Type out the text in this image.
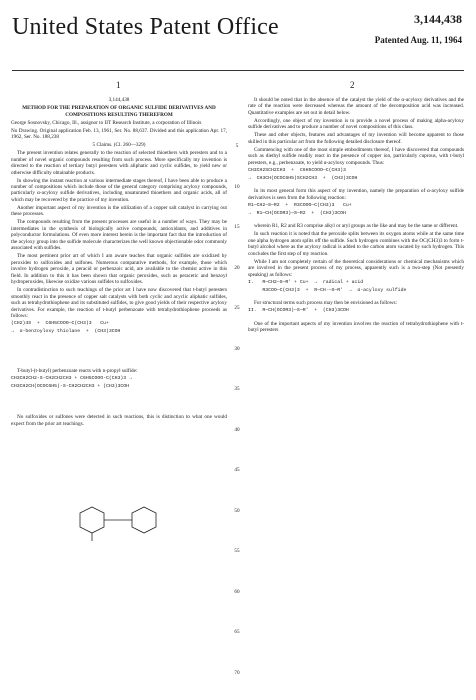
United States Patent Office	3,144,438
Patented Aug. 11, 1964
1	2

3,144,438

METHOD FOR THE PREPARATION OF ORGANIC SULFIDE DERIVATIVES AND COMPOSITIONS RESULTING THEREFROM

George Sosnovsky, Chicago, Ill., assignor to IIT Research Institute, a corporation of Illinois

No Drawing. Original application Feb. 13, 1961, Ser. No. 88,637. Divided and this application Apr. 17, 1962, Ser. No. 188,238

5 Claims. (Cl. 260—329)

The present invention relates generally to the reaction of selected thioethers with peresters and to a number of novel organic compounds resulting from such process. More specifically my invention is directed to the reaction of tertiary butyl peresters with aliphatic and cyclic sulfides, to yield new or otherwise difficulty obtainable products.

In showing the instant reaction at various intermediate stages thereof, I have been able to produce a number of compositions which include those of the general category comprising acyloxy compounds, particularly α-acyloxy sulfide derivatives, including unsaturated thioethers and organic acids, all of which may be recovered by the practice of my invention.

Another important aspect of my invention is the utilization of a copper salt catalyst in carrying out these processes.

The compounds resulting from the present processes are useful in a number of ways. They may be intermediates in the synthesis of biologically active compounds, antioxidants, and additives in polyconductor formulations. Of even more interest herein is the important fact that the introduction of the acyloxy group into the sulfide molecule characterizes the well known objectionable odor commonly associated with sulfides.

The most pertinent prior art of which I am aware teaches that organic sulfides are oxidized by peroxides to sulfoxides and sulfones. Numerous comparative methods, for example, those which involve hydrogen peroxide, a peracid or perbenzoic acid, are available to the chemist active in this field. In addition to this it has been shown that organic peroxides, such as peracetic and benzoyl hydroperoxides, likewise oxidize various sulfides to sulfoxides.

In contradistinction to such teachings of the prior art I have now discovered that t-butyl peresters smoothly react in the presence of copper salt catalysts with both cyclic and acyclic aliphatic sulfides, such as tetrahydrothiophene and its substituted sulfides, to give good yields of their respective acyloxy derivatives. For example, the reaction of t-butyl perbenzoate with tetrahydrothiophene proceeds as follows:

(CH2)4S  +  C6H5COOO—C(CH3)3   Cu+

→  α-benzoyloxy thiolane  +  (CH3)3COH

T-butyl-(t-butyl) perbenzoate reacts with n-propyl sulfide:

CH3CH2CH2-S-CH2CH2CH3 + C6H5COOO-C(CH3)3 →

CH3CH2CH(OCOC6H5)-S-CH2CH2CH3 + (CH3)3COH

No sulfoxides or sulfones were detected in such reactions, this is distinction to what one would expect from the prior art teachings.

It should be noted that in the absence of the catalyst the yield of the α-acyloxy derivatives and the rate of the reaction were decreased whereas the amount of the decomposition acid was increased. Quantitative examples are set out in detail below.

Accordingly, one object of my invention is to provide a novel process of making alpha-acyloxy sulfide derivatives and to produce a number of novel compositions of this class.

These and other objects, features and advantages of my invention will become apparent to those skilled in this particular art from the following detailed disclosure thereof.

Commencing with one of the most simple embodiments thereof, I have discovered that compounds such as diethyl sulfide readily react in the presence of copper ion, particularly cuprous, with t-butyl peresters, e.g., perbenzoate, to yield α-acyloxy compounds. Thus:

CH3CH2SCH2CH3  +  C6H5COOO—C(CH3)3

→  CH3CH(OCOC6H5)SCH2CH3  +  (CH3)3COH

In its most general form this aspect of my invention, namely the preparation of α-acyloxy sulfide derivatives is seen from the following reaction:

R1—CH2—S—R2  +  R3COOO—C(CH3)3   Cu+

→  R1—CH(OCOR3)—S—R2  +  (CH3)3COH

wherein R1, R2 and R3 comprise alkyl or aryl groups as the like and may be the same or different.

In such reaction it is noted that the peroxide splits between its oxygen atoms while at the same time one alpha hydrogen atom splits off the sulfide. Such hydrogen combines with the OC(CH3)3 to form t-butyl alcohol where as the acyloxy radical is added to the carbon atom vacated by such hydrogen. This concludes the first step of my reaction.

While I am not completely certain of the theoretical considerations or chemical mechanisms which are involved in the present process of my process, apparently such is a two-step (Not presently speaking) as follows:

I.   R—CH2—S—R' + Cu+  →  radical + acid

R3COO—C(CH3)3  +  R—CH·—S—R'  →  α-acyloxy sulfide

For structural terms such process may then be envisioned as follows:

II.  R—CH(OCOR3)—S—R'  +  (CH3)3COH

One of the important aspects of my invention involves the reaction of tetrahydrothiophene with t-butyl peresters

5
10
15
20
25
30
35
40
45
50
55
60
65
70
